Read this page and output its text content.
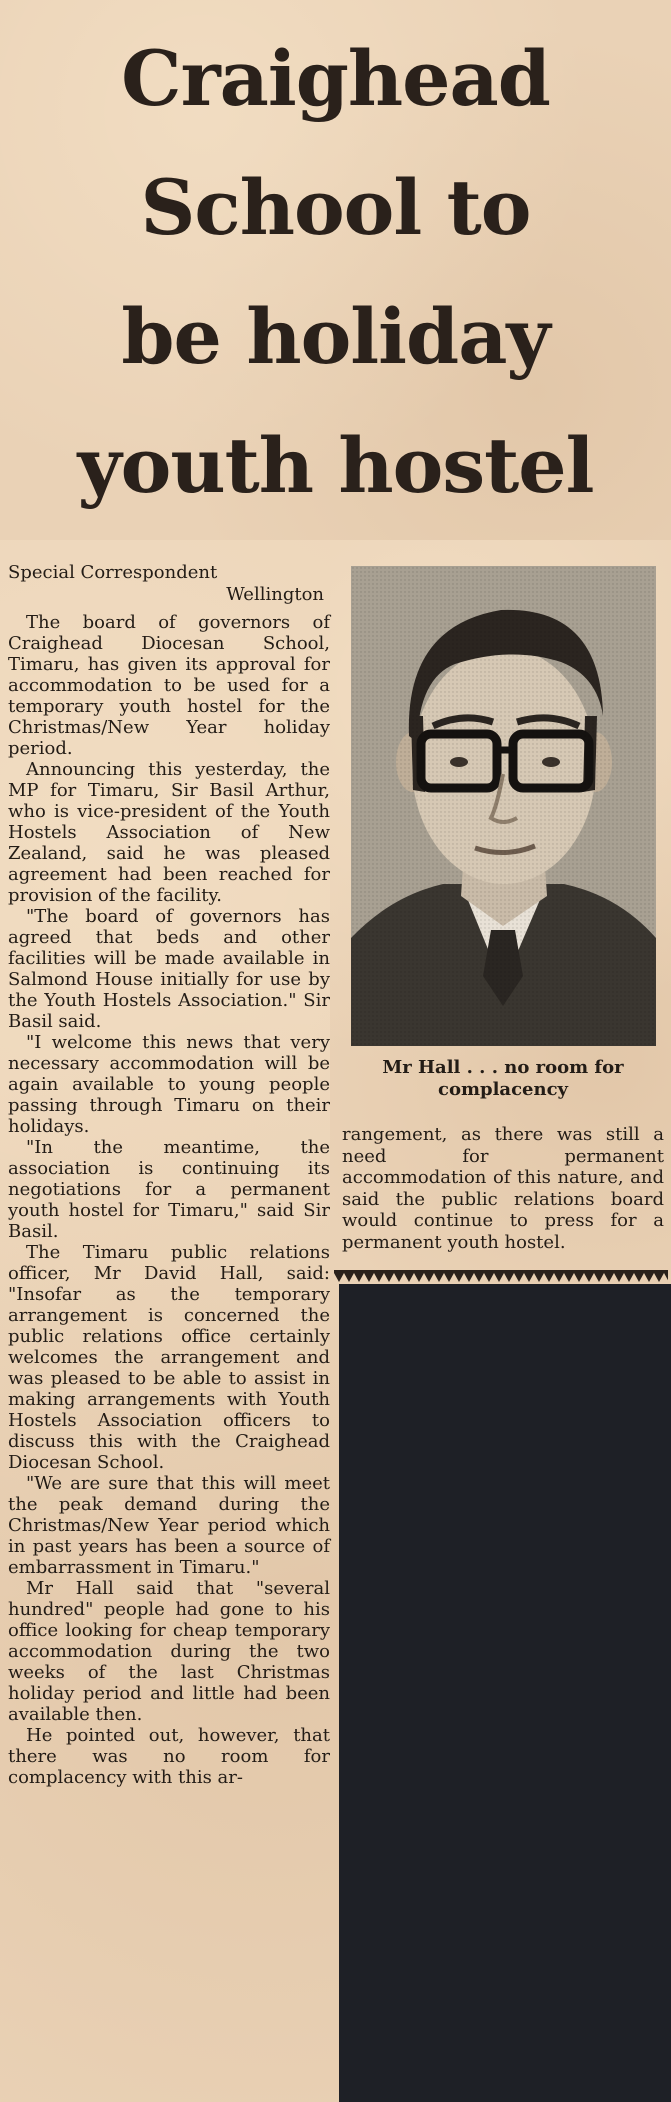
Craighead
School to
be holiday
youth hostel
Special Correspondent
Wellington

The board of governors of Craighead Diocesan School, Timaru, has given its approval for accommodation to be used for a temporary youth hostel for the Christmas/New Year holiday period.

Announcing this yesterday, the MP for Timaru, Sir Basil Arthur, who is vice-president of the Youth Hostels Association of New Zealand, said he was pleased agreement had been reached for provision of the facility.

"The board of governors has agreed that beds and other facilities will be made available in Salmond House initially for use by the Youth Hostels Association." Sir Basil said.

"I welcome this news that very necessary accommodation will be again available to young people passing through Timaru on their holidays.

"In the meantime, the association is continuing its negotiations for a permanent youth hostel for Timaru," said Sir Basil.

The Timaru public relations officer, Mr David Hall, said: "Insofar as the temporary arrangement is concerned the public relations office certainly welcomes the arrangement and was pleased to be able to assist in making arrangements with Youth Hostels Association officers to discuss this with the Craighead Diocesan School.

"We are sure that this will meet the peak demand during the Christmas/New Year period which in past years has been a source of embarrassment in Timaru."

Mr Hall said that "several hundred" people had gone to his office looking for cheap temporary accommodation during the two weeks of the last Christmas holiday period and little had been available then.

He pointed out, however, that there was no room for complacency with this ar-

Mr Hall . . . no room for complacency

rangement, as there was still a need for permanent accommodation of this nature, and said the public relations board would continue to press for a permanent youth hostel.
